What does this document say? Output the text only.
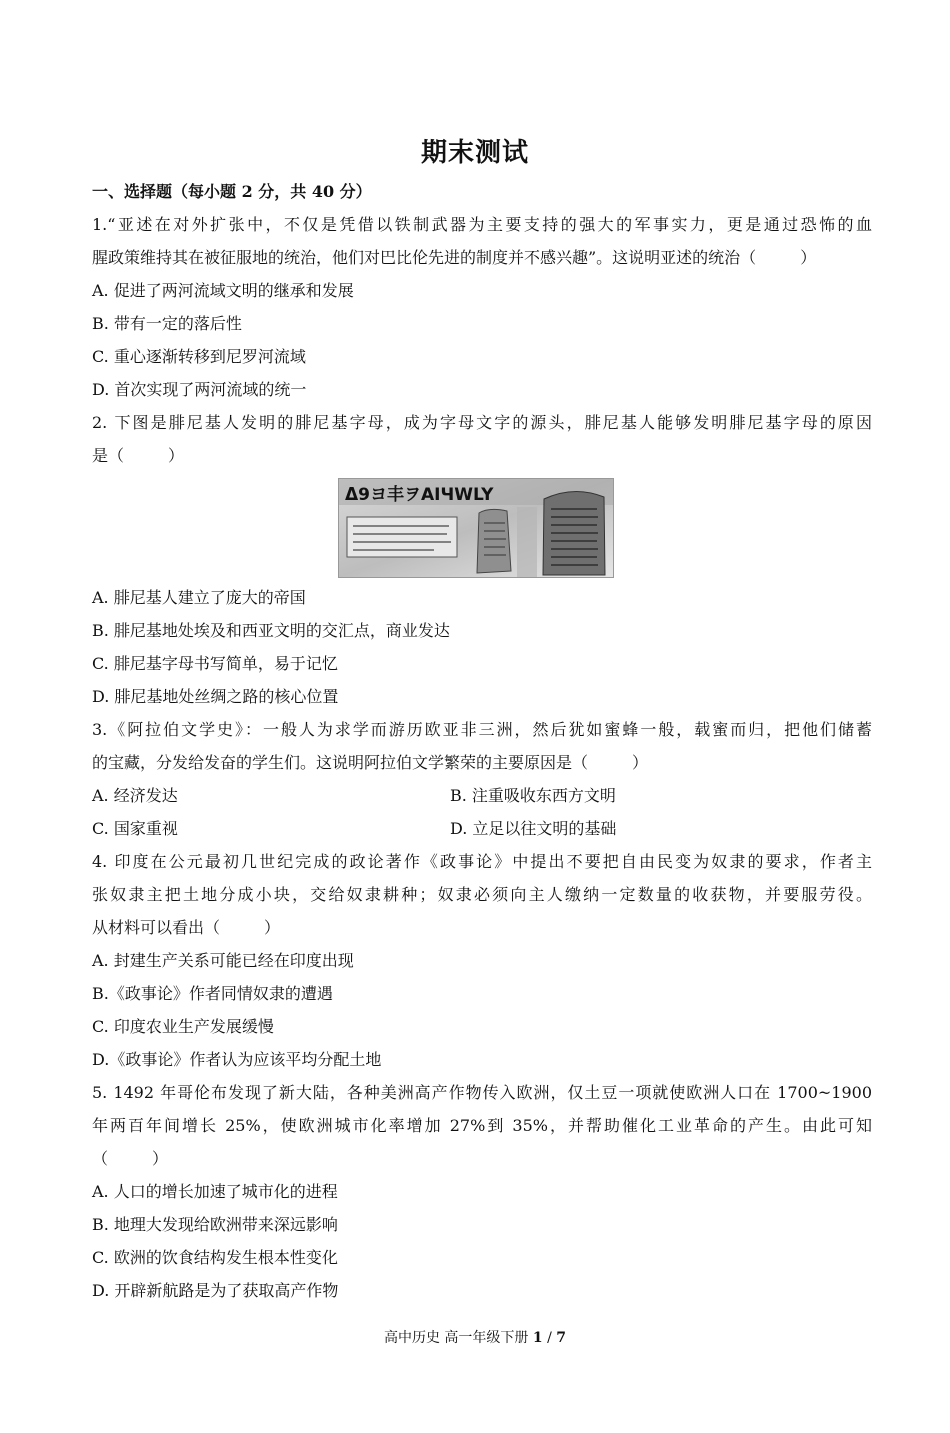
期末测试
一、选择题（每小题 2 分，共 40 分）
1.“亚述在对外扩张中，不仅是凭借以铁制武器为主要支持的强大的军事实力，更是通过恐怖的血
腥政策维持其在被征服地的统治，他们对巴比伦先进的制度并不感兴趣”。这说明亚述的统治（	）
A. 促进了两河流域文明的继承和发展
B. 带有一定的落后性
C. 重心逐渐转移到尼罗河流域
D. 首次实现了两河流域的统一
2. 下图是腓尼基人发明的腓尼基字母，成为字母文字的源头，腓尼基人能够发明腓尼基字母的原因
是（	）
ᐃ9ヨ丰ヲAIЧWLY
A. 腓尼基人建立了庞大的帝国
B. 腓尼基地处埃及和西亚文明的交汇点，商业发达
C. 腓尼基字母书写简单，易于记忆
D. 腓尼基地处丝绸之路的核心位置
3.《阿拉伯文学史》：一般人为求学而游历欧亚非三洲，然后犹如蜜蜂一般，载蜜而归，把他们储蓄
的宝藏，分发给发奋的学生们。这说明阿拉伯文学繁荣的主要原因是（	）
A. 经济发达	B. 注重吸收东西方文明
C. 国家重视	D. 立足以往文明的基础
4. 印度在公元最初几世纪完成的政论著作《政事论》中提出不要把自由民变为奴隶的要求，作者主
张奴隶主把土地分成小块，交给奴隶耕种；奴隶必须向主人缴纳一定数量的收获物，并要服劳役。
从材料可以看出（	）
A. 封建生产关系可能已经在印度出现
B.《政事论》作者同情奴隶的遭遇
C. 印度农业生产发展缓慢
D.《政事论》作者认为应该平均分配土地
5. 1492 年哥伦布发现了新大陆，各种美洲高产作物传入欧洲，仅土豆一项就使欧洲人口在 1700~1900
年两百年间增长 25%，使欧洲城市化率增加 27%到 35%，并帮助催化工业革命的产生。由此可知
（	）
A. 人口的增长加速了城市化的进程
B. 地理大发现给欧洲带来深远影响
C. 欧洲的饮食结构发生根本性变化
D. 开辟新航路是为了获取高产作物
高中历史 高一年级下册 1 / 7
